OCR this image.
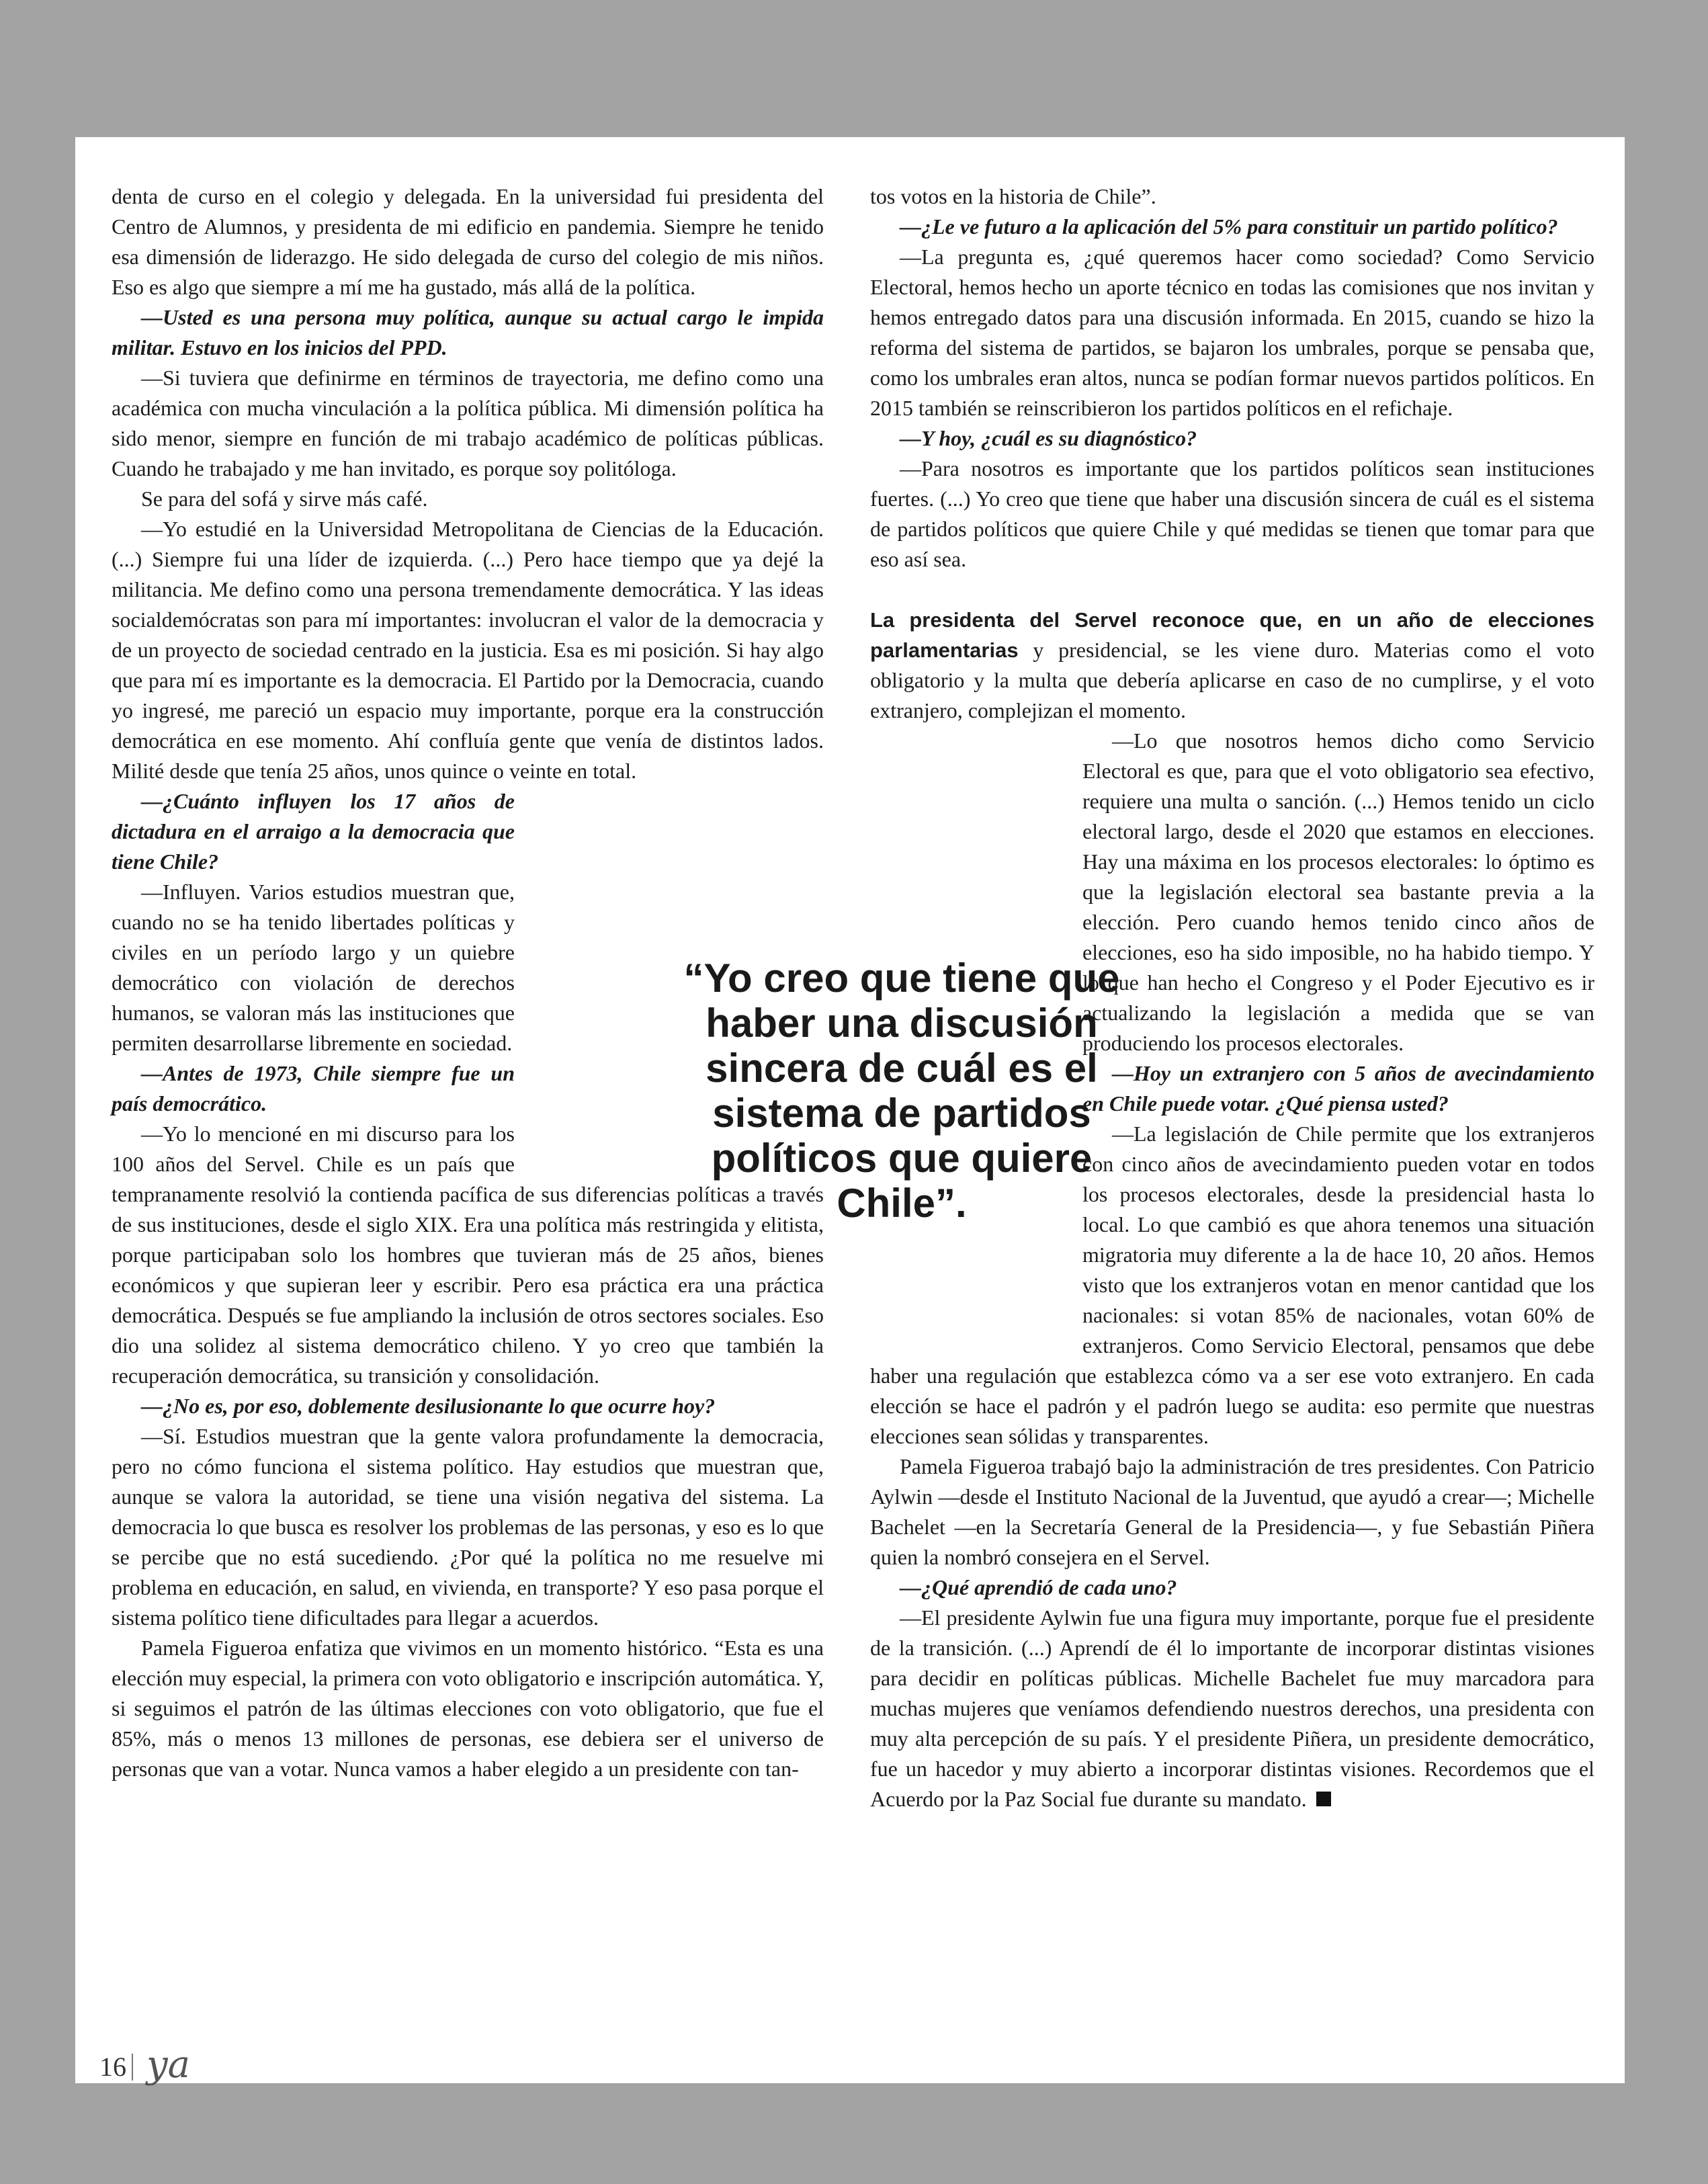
denta de curso en el colegio y delegada. En la universidad fui presidenta del Centro de Alumnos, y presidenta de mi edificio en pandemia. Siempre he tenido esa dimensión de liderazgo. He sido delegada de curso del colegio de mis niños. Eso es algo que siempre a mí me ha gustado, más allá de la política.

—Usted es una persona muy política, aunque su actual cargo le impida militar. Estuvo en los inicios del PPD.

—Si tuviera que definirme en términos de trayectoria, me defino como una académica con mucha vinculación a la política pública. Mi dimensión política ha sido menor, siempre en función de mi trabajo académico de políticas públicas. Cuando he trabajado y me han invitado, es porque soy politóloga.

Se para del sofá y sirve más café.

—Yo estudié en la Universidad Metropolitana de Ciencias de la Educación. (...) Siempre fui una líder de izquierda. (...) Pero hace tiempo que ya dejé la militancia. Me defino como una persona tremendamente democrática. Y las ideas socialdemócratas son para mí importantes: involucran el valor de la democracia y de un proyecto de sociedad centrado en la justicia. Esa es mi posición. Si hay algo que para mí es importante es la democracia. El Partido por la Democracia, cuando yo ingresé, me pareció un espacio muy importante, porque era la construcción democrática en ese momento. Ahí confluía gente que venía de distintos lados. Milité desde que tenía 25 años, unos quince o veinte en total.

—¿Cuánto influyen los 17 años de dictadura en el arraigo a la democracia que tiene Chile?

—Influyen. Varios estudios muestran que, cuando no se ha tenido libertades políticas y civiles en un período largo y un quiebre democrático con violación de derechos humanos, se valoran más las instituciones que permiten desarrollarse libremente en sociedad.

—Antes de 1973, Chile siempre fue un país democrático.

—Yo lo mencioné en mi discurso para los 100 años del Servel. Chile es un país que tempranamente resolvió la contienda pacífica de sus diferencias políticas a través de sus instituciones, desde el siglo XIX. Era una política más restringida y elitista, porque participaban solo los hombres que tuvieran más de 25 años, bienes económicos y que supieran leer y escribir. Pero esa práctica era una práctica democrática. Después se fue ampliando la inclusión de otros sectores sociales. Eso dio una solidez al sistema democrático chileno. Y yo creo que también la recuperación democrática, su transición y consolidación.

—¿No es, por eso, doblemente desilusionante lo que ocurre hoy?

—Sí. Estudios muestran que la gente valora profundamente la democracia, pero no cómo funciona el sistema político. Hay estudios que muestran que, aunque se valora la autoridad, se tiene una visión negativa del sistema. La democracia lo que busca es resolver los problemas de las personas, y eso es lo que se percibe que no está sucediendo. ¿Por qué la política no me resuelve mi problema en educación, en salud, en vivienda, en transporte? Y eso pasa porque el sistema político tiene dificultades para llegar a acuerdos.

Pamela Figueroa enfatiza que vivimos en un momento histórico. “Esta es una elección muy especial, la primera con voto obligatorio e inscripción automática. Y, si seguimos el patrón de las últimas elecciones con voto obligatorio, que fue el 85%, más o menos 13 millones de personas, ese debiera ser el universo de personas que van a votar. Nunca vamos a haber elegido a un presidente con tan-

tos votos en la historia de Chile”.

—¿Le ve futuro a la aplicación del 5% para constituir un partido político?

—La pregunta es, ¿qué queremos hacer como sociedad? Como Servicio Electoral, hemos hecho un aporte técnico en todas las comisiones que nos invitan y hemos entregado datos para una discusión informada. En 2015, cuando se hizo la reforma del sistema de partidos, se bajaron los umbrales, porque se pensaba que, como los umbrales eran altos, nunca se podían formar nuevos partidos políticos. En 2015 también se reinscribieron los partidos políticos en el refichaje.

—Y hoy, ¿cuál es su diagnóstico?

—Para nosotros es importante que los partidos políticos sean instituciones fuertes. (...) Yo creo que tiene que haber una discusión sincera de cuál es el sistema de partidos políticos que quiere Chile y qué medidas se tienen que tomar para que eso así sea.

La presidenta del Servel reconoce que, en un año de elecciones parlamentarias y presidencial, se les viene duro. Materias como el voto obligatorio y la multa que debería aplicarse en caso de no cumplirse, y el voto extranjero, complejizan el momento.

—Lo que nosotros hemos dicho como Servicio Electoral es que, para que el voto obligatorio sea efectivo, requiere una multa o sanción. (...) Hemos tenido un ciclo electoral largo, desde el 2020 que estamos en elecciones. Hay una máxima en los procesos electorales: lo óptimo es que la legislación electoral sea bastante previa a la elección. Pero cuando hemos tenido cinco años de elecciones, eso ha sido imposible, no ha habido tiempo. Y lo que han hecho el Congreso y el Poder Ejecutivo es ir actualizando la legislación a medida que se van produciendo los procesos electorales.

—Hoy un extranjero con 5 años de avecindamiento en Chile puede votar. ¿Qué piensa usted?

—La legislación de Chile permite que los extranjeros con cinco años de avecindamiento pueden votar en todos los procesos electorales, desde la presidencial hasta lo local. Lo que cambió es que ahora tenemos una situación migratoria muy diferente a la de hace 10, 20 años. Hemos visto que los extranjeros votan en menor cantidad que los nacionales: si votan 85% de nacionales, votan 60% de extranjeros. Como Servicio Electoral, pensamos que debe haber una regulación que establezca cómo va a ser ese voto extranjero. En cada elección se hace el padrón y el padrón luego se audita: eso permite que nuestras elecciones sean sólidas y transparentes.

Pamela Figueroa trabajó bajo la administración de tres presidentes. Con Patricio Aylwin —desde el Instituto Nacional de la Juventud, que ayudó a crear—; Michelle Bachelet —en la Secretaría General de la Presidencia—, y fue Sebastián Piñera quien la nombró consejera en el Servel.

—¿Qué aprendió de cada uno?

—El presidente Aylwin fue una figura muy importante, porque fue el presidente de la transición. (...) Aprendí de él lo importante de incorporar distintas visiones para decidir en políticas públicas. Michelle Bachelet fue muy marcadora para muchas mujeres que veníamos defendiendo nuestros derechos, una presidenta con muy alta percepción de su país. Y el presidente Piñera, un presidente democrático, fue un hacedor y muy abierto a incorporar distintas visiones. Recordemos que el Acuerdo por la Paz Social fue durante su mandato.

“Yo creo que tiene que haber una discusión sincera de cuál es el sistema de partidos políticos que quiere Chile”.

16 ya
